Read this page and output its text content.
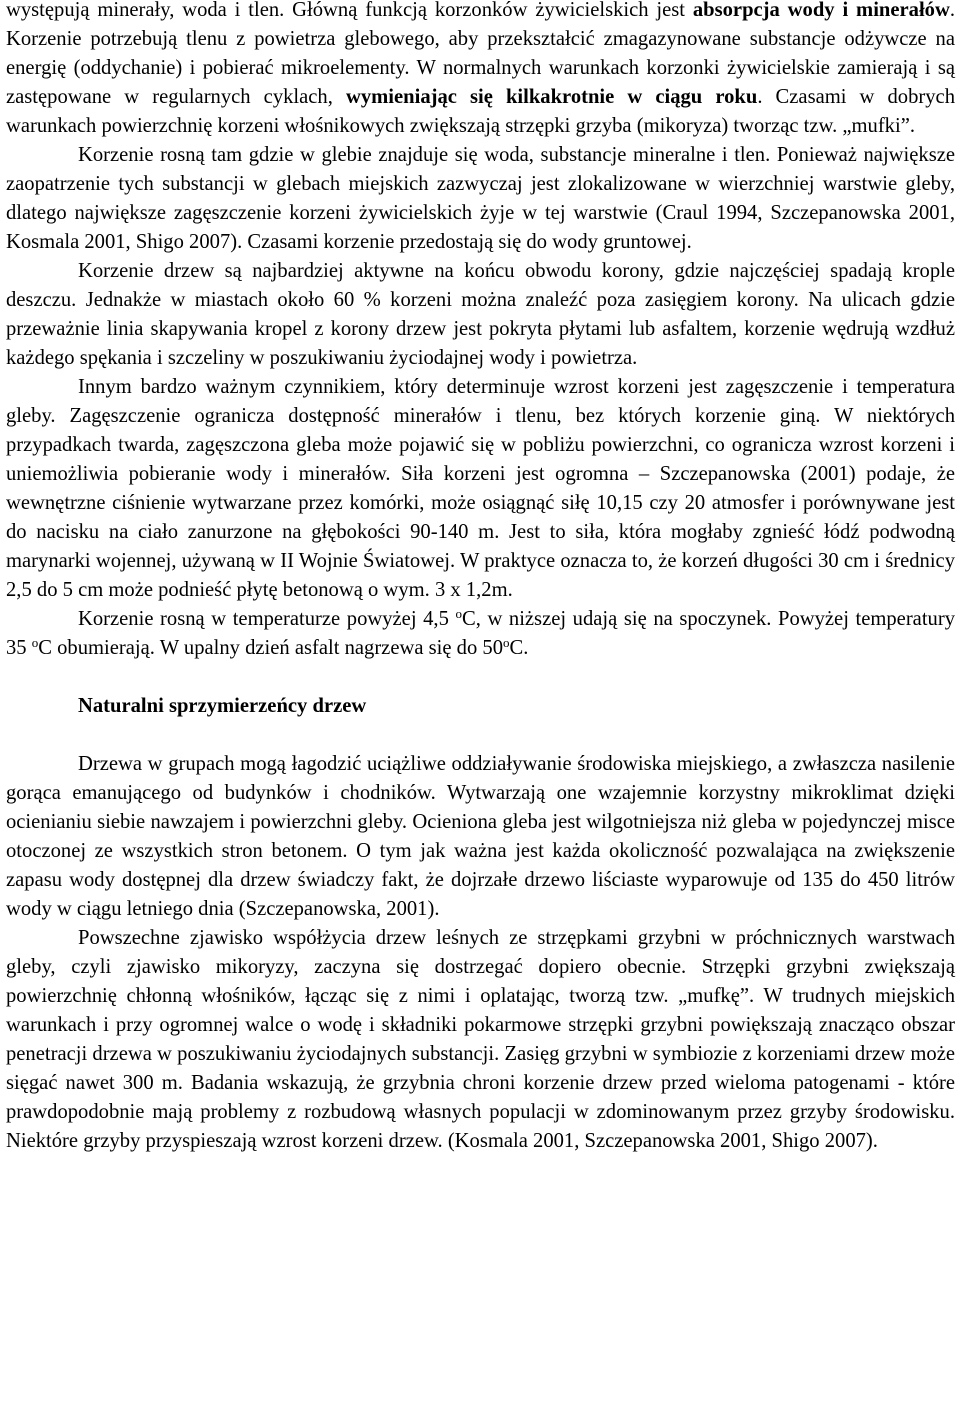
występują minerały, woda i tlen. Główną funkcją korzonków żywicielskich jest absorpcja wody i minerałów. Korzenie potrzebują tlenu z powietrza glebowego, aby przekształcić zmagazynowane substancje odżywcze na energię (oddychanie) i pobierać mikroelementy. W normalnych warunkach korzonki żywicielskie zamierają i są zastępowane w regularnych cyklach, wymieniając się kilkakrotnie w ciągu roku. Czasami w dobrych warunkach powierzchnię korzeni włośnikowych zwiększają strzępki grzyba (mikoryza) tworząc tzw. „mufki”.

Korzenie rosną tam gdzie w glebie znajduje się woda, substancje mineralne i tlen. Ponieważ największe zaopatrzenie tych substancji w glebach miejskich zazwyczaj jest zlokalizowane w wierzchniej warstwie gleby, dlatego największe zagęszczenie korzeni żywicielskich żyje w tej warstwie (Craul 1994, Szczepanowska 2001, Kosmala 2001, Shigo 2007). Czasami korzenie przedostają się do wody gruntowej.

Korzenie drzew są najbardziej aktywne na końcu obwodu korony, gdzie najczęściej spadają krople deszczu. Jednakże w miastach około 60 % korzeni można znaleźć poza zasięgiem korony. Na ulicach gdzie przeważnie linia skapywania kropel z korony drzew jest pokryta płytami lub asfaltem, korzenie wędrują wzdłuż każdego spękania i szczeliny w poszukiwaniu życiodajnej wody i powietrza.

Innym bardzo ważnym czynnikiem, który determinuje wzrost korzeni jest zagęszczenie i temperatura gleby. Zagęszczenie ogranicza dostępność minerałów i tlenu, bez których korzenie giną. W niektórych przypadkach twarda, zagęszczona gleba może pojawić się w pobliżu powierzchni, co ogranicza wzrost korzeni i uniemożliwia pobieranie wody i minerałów. Siła korzeni jest ogromna – Szczepanowska (2001) podaje, że wewnętrzne ciśnienie wytwarzane przez komórki, może osiągnąć siłę 10,15 czy 20 atmosfer i porównywane jest do nacisku na ciało zanurzone na głębokości 90-140 m. Jest to siła, która mogłaby zgnieść łódź podwodną marynarki wojennej, używaną w II Wojnie Światowej. W praktyce oznacza to, że korzeń długości 30 cm i średnicy 2,5 do 5 cm może podnieść płytę betonową o wym. 3 x 1,2m.

Korzenie rosną w temperaturze powyżej 4,5 $^o$C, w niższej udają się na spoczynek. Powyżej temperatury 35 $^o$C obumierają. W upalny dzień asfalt nagrzewa się do 50$^o$C.

Naturalni sprzymierzeńcy drzew

Drzewa w grupach mogą łagodzić uciążliwe oddziaływanie środowiska miejskiego, a zwłaszcza nasilenie gorąca emanującego od budynków i chodników. Wytwarzają one wzajemnie korzystny mikroklimat dzięki ocienianiu siebie nawzajem i powierzchni gleby. Ocieniona gleba jest wilgotniejsza niż gleba w pojedynczej misce otoczonej ze wszystkich stron betonem. O tym jak ważna jest każda okoliczność pozwalająca na zwiększenie zapasu wody dostępnej dla drzew świadczy fakt, że dojrzałe drzewo liściaste wyparowuje od 135 do 450 litrów wody w ciągu letniego dnia (Szczepanowska, 2001).

Powszechne zjawisko współżycia drzew leśnych ze strzępkami grzybni w próchnicznych warstwach gleby, czyli zjawisko mikoryzy, zaczyna się dostrzegać dopiero obecnie. Strzępki grzybni zwiększają powierzchnię chłonną włośników, łącząc się z nimi i oplatając, tworzą tzw. „mufkę”. W trudnych miejskich warunkach i przy ogromnej walce o wodę i składniki pokarmowe strzępki grzybni powiększają znacząco obszar penetracji drzewa w poszukiwaniu życiodajnych substancji. Zasięg grzybni w symbiozie z korzeniami drzew może sięgać nawet 300 m. Badania wskazują, że grzybnia chroni korzenie drzew przed wieloma patogenami - które prawdopodobnie mają problemy z rozbudową własnych populacji w zdominowanym przez grzyby środowisku. Niektóre grzyby przyspieszają wzrost korzeni drzew. (Kosmala 2001, Szczepanowska 2001, Shigo 2007).
